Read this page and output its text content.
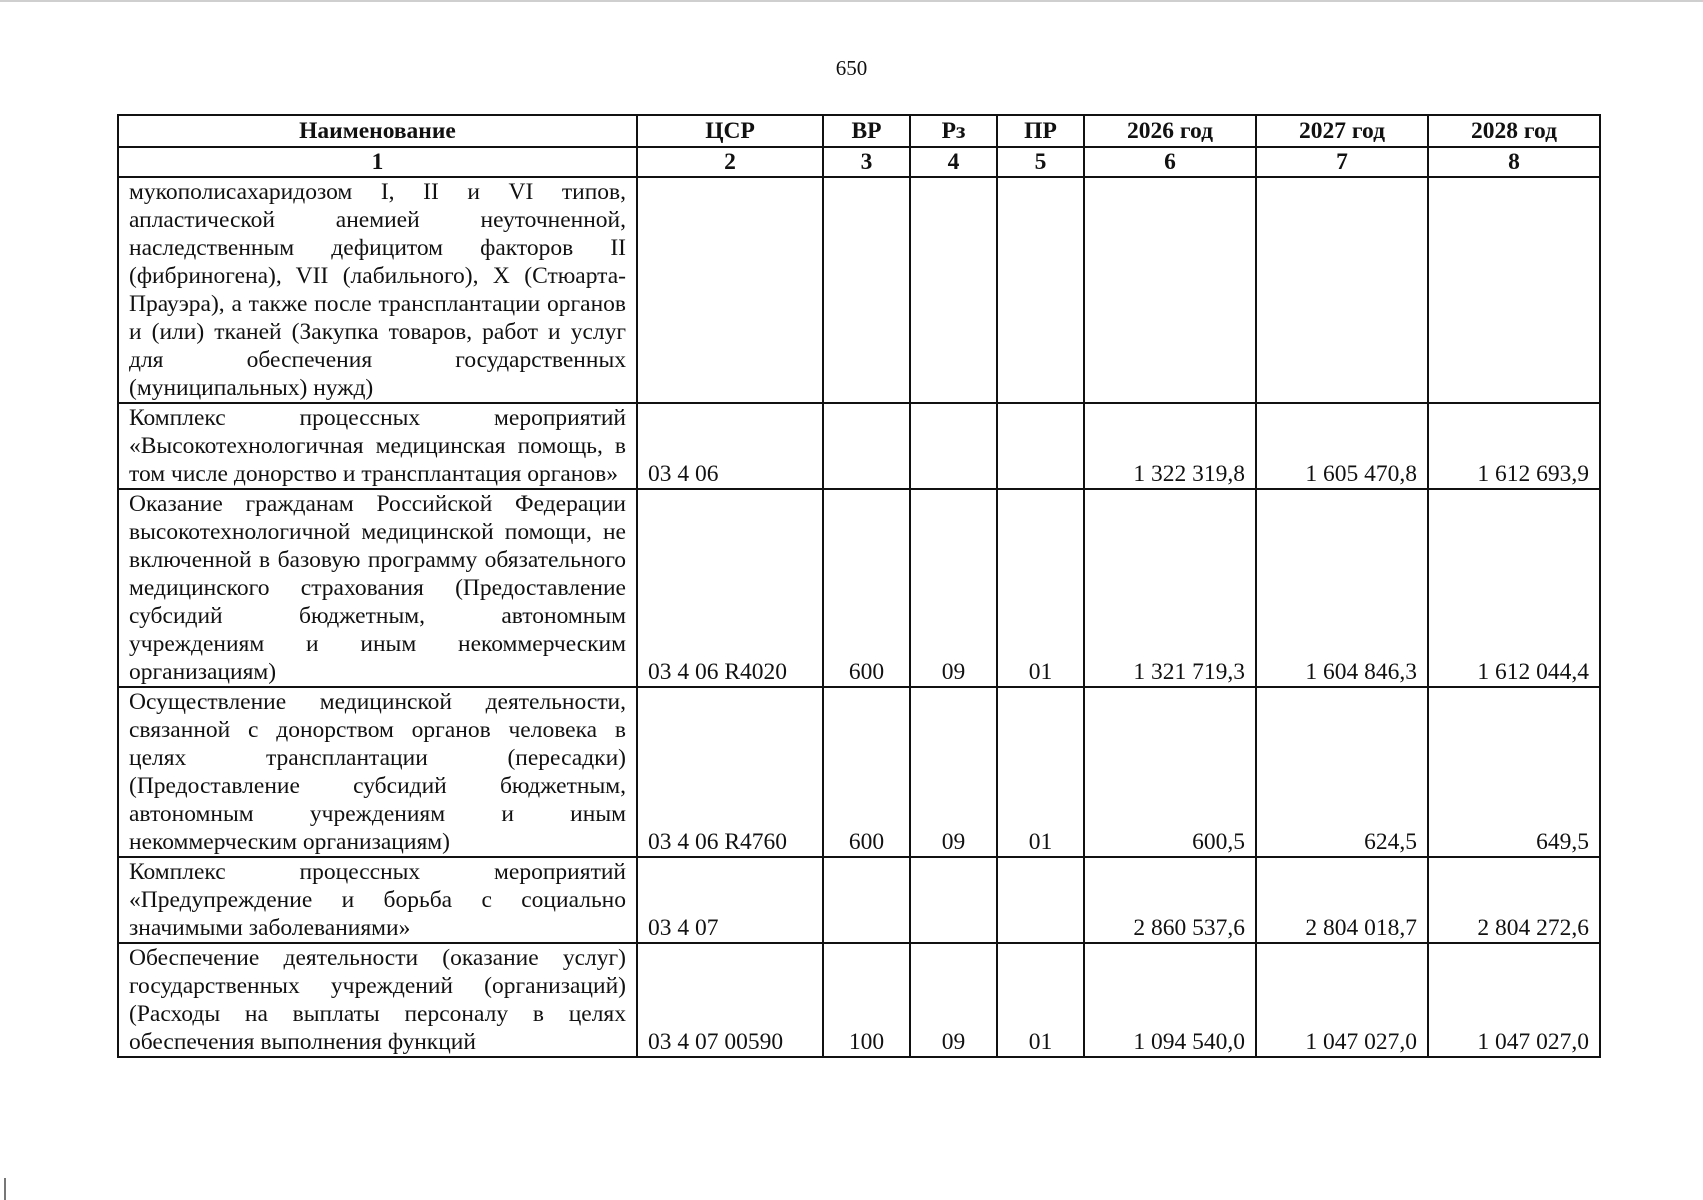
650
Наименование	ЦСР	ВР	Рз	ПР	2026 год	2027 год	2028 год
1	2	3	4	5	6	7	8
мукополисахаридозом I, II и VI типов, апластической анемией неуточненной, наследственным дефицитом факторов II (фибриногена), VII (лабильного), X (Стюарта-Прауэра), а также после трансплантации органов и (или) тканей (Закупка товаров, работ и услуг для обеспечения государственных (муниципальных) нужд)							
Комплекс процессных мероприятий «Высокотехнологичная медицинская помощь, в том числе донорство и трансплантация органов»	03 4 06				1 322 319,8	1 605 470,8	1 612 693,9
Оказание гражданам Российской Федерации высокотехнологичной медицинской помощи, не включенной в базовую программу обязательного медицинского страхования (Предоставление субсидий бюджетным, автономным учреждениям и иным некоммерческим организациям)	03 4 06 R4020	600	09	01	1 321 719,3	1 604 846,3	1 612 044,4
Осуществление медицинской деятельности, связанной с донорством органов человека в целях трансплантации (пересадки) (Предоставление субсидий бюджетным, автономным учреждениям и иным некоммерческим организациям)	03 4 06 R4760	600	09	01	600,5	624,5	649,5
Комплекс процессных мероприятий «Предупреждение и борьба с социально значимыми заболеваниями»	03 4 07				2 860 537,6	2 804 018,7	2 804 272,6
Обеспечение деятельности (оказание услуг) государственных учреждений (организаций) (Расходы на выплаты персоналу в целях обеспечения выполнения функций	03 4 07 00590	100	09	01	1 094 540,0	1 047 027,0	1 047 027,0
